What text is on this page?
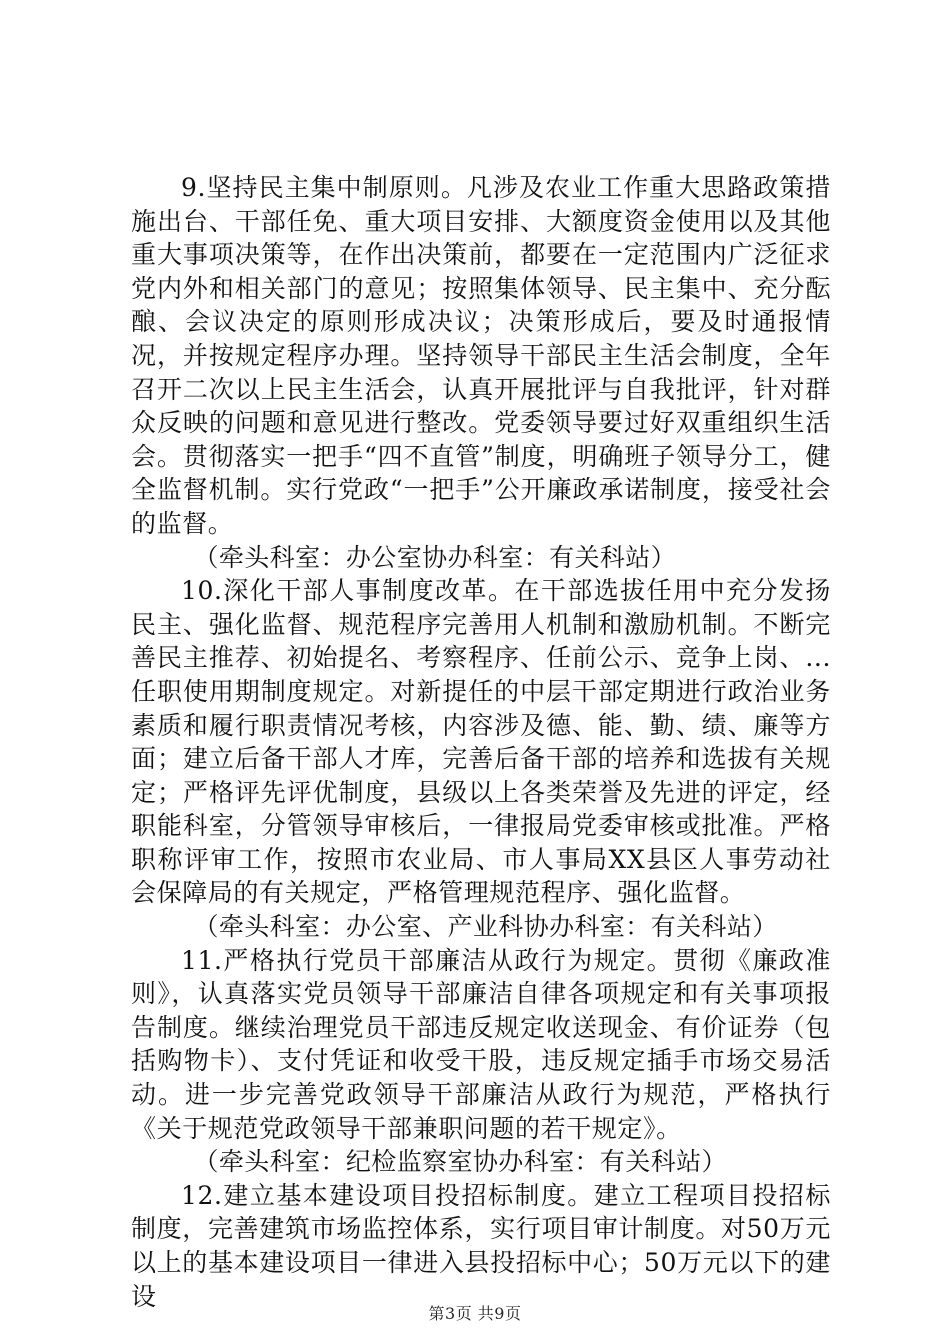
9.坚持民主集中制原则。凡涉及农业工作重大思路政策措施出台、干部任免、重大项目安排、大额度资金使用以及其他重大事项决策等，在作出决策前，都要在一定范围内广泛征求党内外和相关部门的意见；按照集体领导、民主集中、充分酝酿、会议决定的原则形成决议；决策形成后，要及时通报情况，并按规定程序办理。坚持领导干部民主生活会制度，全年召开二次以上民主生活会，认真开展批评与自我批评，针对群众反映的问题和意见进行整改。党委领导要过好双重组织生活会。贯彻落实一把手“四不直管”制度，明确班子领导分工，健全监督机制。实行党政“一把手”公开廉政承诺制度，接受社会的监督。

（牵头科室：办公室协办科室：有关科站）

10.深化干部人事制度改革。在干部选拔任用中充分发扬民主、强化监督、规范程序完善用人机制和激励机制。不断完善民主推荐、初始提名、考察程序、任前公示、竞争上岗、...任职使用期制度规定。对新提任的中层干部定期进行政治业务素质和履行职责情况考核，内容涉及德、能、勤、绩、廉等方面；建立后备干部人才库，完善后备干部的培养和选拔有关规定；严格评先评优制度，县级以上各类荣誉及先进的评定，经职能科室，分管领导审核后，一律报局党委审核或批准。严格职称评审工作，按照市农业局、市人事局XX县区人事劳动社会保障局的有关规定，严格管理规范程序、强化监督。

（牵头科室：办公室、产业科协办科室：有关科站）

11.严格执行党员干部廉洁从政行为规定。贯彻《廉政准则》，认真落实党员领导干部廉洁自律各项规定和有关事项报告制度。继续治理党员干部违反规定收送现金、有价证券（包括购物卡）、支付凭证和收受干股，违反规定插手市场交易活动。进一步完善党政领导干部廉洁从政行为规范，严格执行《关于规范党政领导干部兼职问题的若干规定》。

（牵头科室：纪检监察室协办科室：有关科站）

12.建立基本建设项目投招标制度。建立工程项目投招标制度，完善建筑市场监控体系，实行项目审计制度。对50万元以上的基本建设项目一律进入县投招标中心；50万元以下的建设

第3页 共9页
